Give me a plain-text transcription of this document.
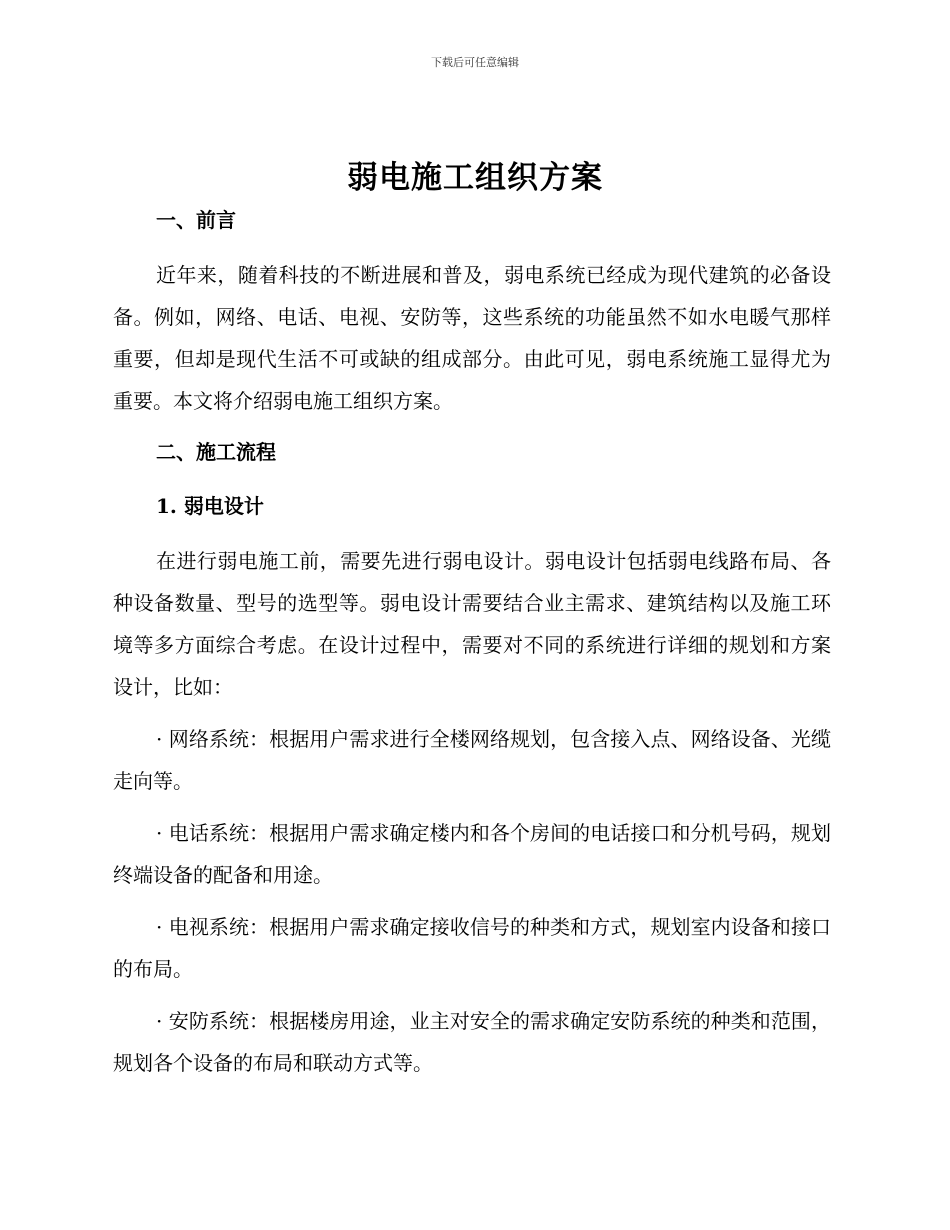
下载后可任意编辑
弱电施工组织方案
一、前言

近年来，随着科技的不断进展和普及，弱电系统已经成为现代建筑的必备设备。例如，网络、电话、电视、安防等，这些系统的功能虽然不如水电暖气那样重要，但却是现代生活不可或缺的组成部分。由此可见，弱电系统施工显得尤为重要。本文将介绍弱电施工组织方案。

二、施工流程
1. 弱电设计

在进行弱电施工前，需要先进行弱电设计。弱电设计包括弱电线路布局、各种设备数量、型号的选型等。弱电设计需要结合业主需求、建筑结构以及施工环境等多方面综合考虑。在设计过程中，需要对不同的系统进行详细的规划和方案设计，比如：

· 网络系统：根据用户需求进行全楼网络规划，包含接入点、网络设备、光缆走向等。

· 电话系统：根据用户需求确定楼内和各个房间的电话接口和分机号码，规划终端设备的配备和用途。

· 电视系统：根据用户需求确定接收信号的种类和方式，规划室内设备和接口的布局。

· 安防系统：根据楼房用途，业主对安全的需求确定安防系统的种类和范围，规划各个设备的布局和联动方式等。
